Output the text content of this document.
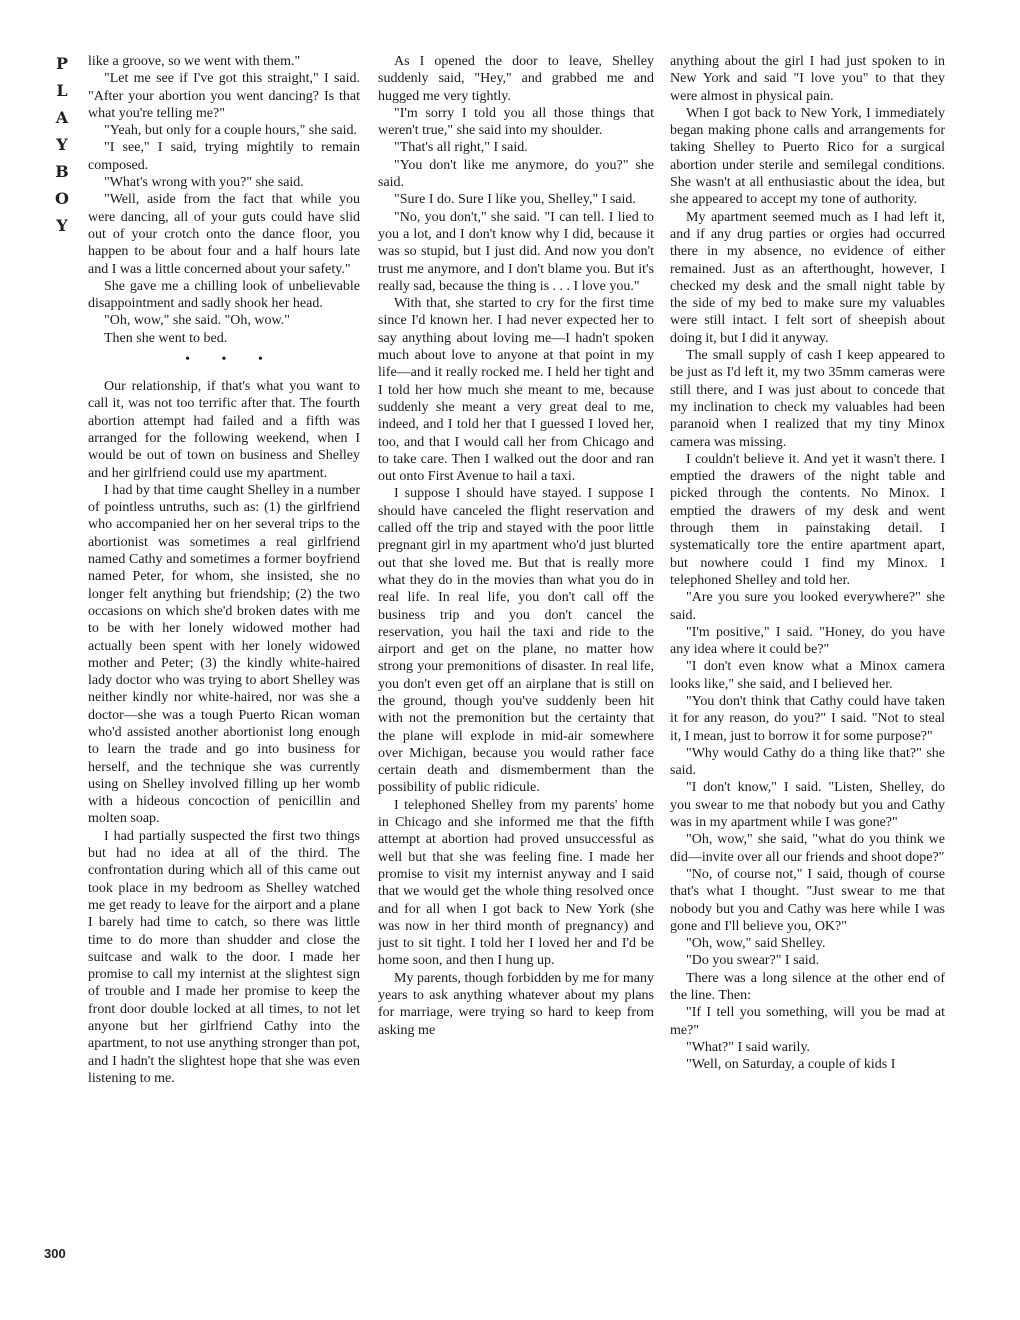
P
L
A
Y
B
O
Y
300

like a groove, so we went with them."

"Let me see if I've got this straight," I said. "After your abortion you went dancing? Is that what you're telling me?"

"Yeah, but only for a couple hours," she said.

"I see," I said, trying mightily to remain composed.

"What's wrong with you?" she said.

"Well, aside from the fact that while you were dancing, all of your guts could have slid out of your crotch onto the dance floor, you happen to be about four and a half hours late and I was a little concerned about your safety."

She gave me a chilling look of unbelievable disappointment and sadly shook her head.

"Oh, wow," she said. "Oh, wow."

Then she went to bed.

• • •

Our relationship, if that's what you want to call it, was not too terrific after that. The fourth abortion attempt had failed and a fifth was arranged for the following weekend, when I would be out of town on business and Shelley and her girlfriend could use my apartment.

I had by that time caught Shelley in a number of pointless untruths, such as: (1) the girlfriend who accompanied her on her several trips to the abortionist was sometimes a real girlfriend named Cathy and sometimes a former boyfriend named Peter, for whom, she insisted, she no longer felt anything but friendship; (2) the two occasions on which she'd broken dates with me to be with her lonely widowed mother had actually been spent with her lonely widowed mother and Peter; (3) the kindly white-haired lady doctor who was trying to abort Shelley was neither kindly nor white-haired, nor was she a doctor—she was a tough Puerto Rican woman who'd assisted another abortionist long enough to learn the trade and go into business for herself, and the technique she was currently using on Shelley involved filling up her womb with a hideous concoction of penicillin and molten soap.

I had partially suspected the first two things but had no idea at all of the third. The confrontation during which all of this came out took place in my bedroom as Shelley watched me get ready to leave for the airport and a plane I barely had time to catch, so there was little time to do more than shudder and close the suitcase and walk to the door. I made her promise to call my internist at the slightest sign of trouble and I made her promise to keep the front door double locked at all times, to not let anyone but her girlfriend Cathy into the apartment, to not use anything stronger than pot, and I hadn't the slightest hope that she was even listening to me.

As I opened the door to leave, Shelley suddenly said, "Hey," and grabbed me and hugged me very tightly.

"I'm sorry I told you all those things that weren't true," she said into my shoulder.

"That's all right," I said.

"You don't like me anymore, do you?" she said.

"Sure I do. Sure I like you, Shelley," I said.

"No, you don't," she said. "I can tell. I lied to you a lot, and I don't know why I did, because it was so stupid, but I just did. And now you don't trust me anymore, and I don't blame you. But it's really sad, because the thing is . . . I love you."

With that, she started to cry for the first time since I'd known her. I had never expected her to say anything about loving me—I hadn't spoken much about love to anyone at that point in my life—and it really rocked me. I held her tight and I told her how much she meant to me, because suddenly she meant a very great deal to me, indeed, and I told her that I guessed I loved her, too, and that I would call her from Chicago and to take care. Then I walked out the door and ran out onto First Avenue to hail a taxi.

I suppose I should have stayed. I suppose I should have canceled the flight reservation and called off the trip and stayed with the poor little pregnant girl in my apartment who'd just blurted out that she loved me. But that is really more what they do in the movies than what you do in real life. In real life, you don't call off the business trip and you don't cancel the reservation, you hail the taxi and ride to the airport and get on the plane, no matter how strong your premonitions of disaster. In real life, you don't even get off an airplane that is still on the ground, though you've suddenly been hit with not the premonition but the certainty that the plane will explode in mid-air somewhere over Michigan, because you would rather face certain death and dismemberment than the possibility of public ridicule.

I telephoned Shelley from my parents' home in Chicago and she informed me that the fifth attempt at abortion had proved unsuccessful as well but that she was feeling fine. I made her promise to visit my internist anyway and I said that we would get the whole thing resolved once and for all when I got back to New York (she was now in her third month of pregnancy) and just to sit tight. I told her I loved her and I'd be home soon, and then I hung up.

My parents, though forbidden by me for many years to ask anything whatever about my plans for marriage, were trying so hard to keep from asking me

anything about the girl I had just spoken to in New York and said "I love you" to that they were almost in physical pain.

When I got back to New York, I immediately began making phone calls and arrangements for taking Shelley to Puerto Rico for a surgical abortion under sterile and semilegal conditions. She wasn't at all enthusiastic about the idea, but she appeared to accept my tone of authority.

My apartment seemed much as I had left it, and if any drug parties or orgies had occurred there in my absence, no evidence of either remained. Just as an afterthought, however, I checked my desk and the small night table by the side of my bed to make sure my valuables were still intact. I felt sort of sheepish about doing it, but I did it anyway.

The small supply of cash I keep appeared to be just as I'd left it, my two 35mm cameras were still there, and I was just about to concede that my inclination to check my valuables had been paranoid when I realized that my tiny Minox camera was missing.

I couldn't believe it. And yet it wasn't there. I emptied the drawers of the night table and picked through the contents. No Minox. I emptied the drawers of my desk and went through them in painstaking detail. I systematically tore the entire apartment apart, but nowhere could I find my Minox. I telephoned Shelley and told her.

"Are you sure you looked everywhere?" she said.

"I'm positive," I said. "Honey, do you have any idea where it could be?"

"I don't even know what a Minox camera looks like," she said, and I believed her.

"You don't think that Cathy could have taken it for any reason, do you?" I said. "Not to steal it, I mean, just to borrow it for some purpose?"

"Why would Cathy do a thing like that?" she said.

"I don't know," I said. "Listen, Shelley, do you swear to me that nobody but you and Cathy was in my apartment while I was gone?"

"Oh, wow," she said, "what do you think we did—invite over all our friends and shoot dope?"

"No, of course not," I said, though of course that's what I thought. "Just swear to me that nobody but you and Cathy was here while I was gone and I'll believe you, OK?"

"Oh, wow," said Shelley.

"Do you swear?" I said.

There was a long silence at the other end of the line. Then:

"If I tell you something, will you be mad at me?"

"What?" I said warily.

"Well, on Saturday, a couple of kids I
